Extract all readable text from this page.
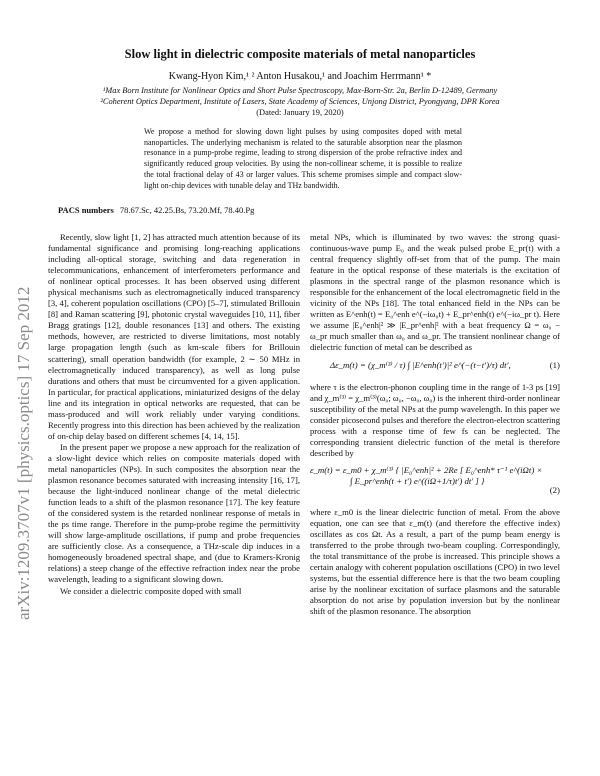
Slow light in dielectric composite materials of metal nanoparticles
Kwang-Hyon Kim,¹ ² Anton Husakou,¹ and Joachim Herrmann¹ *
¹Max Born Institute for Nonlinear Optics and Short Pulse Spectroscopy, Max-Born-Str. 2a, Berlin D-12489, Germany
²Coherent Optics Department, Institute of Lasers, State Academy of Sciences, Unjong District, Pyongyang, DPR Korea
(Dated: January 19, 2020)
We propose a method for slowing down light pulses by using composites doped with metal nanoparticles. The underlying mechanism is related to the saturable absorption near the plasmon resonance in a pump-probe regime, leading to strong dispersion of the probe refractive index and significantly reduced group velocities. By using the non-collinear scheme, it is possible to realize the total fractional delay of 43 or larger values. This scheme promises simple and compact slow-light on-chip devices with tunable delay and THz bandwidth.
PACS numbers 78.67.Sc, 42.25.Bs, 73.20.Mf, 78.40.Pg
arXiv:1209.3707v1 [physics.optics] 17 Sep 2012

Recently, slow light [1, 2] has attracted much attention because of its fundamental significance and promising long-reaching applications including all-optical storage, switching and data regeneration in telecommunications, enhancement of interferometers performance and of nonlinear optical processes. It has been observed using different physical mechanisms such as electromagnetically induced transparency [3, 4], coherent population oscillations (CPO) [5–7], stimulated Brillouin [8] and Raman scattering [9], photonic crystal waveguides [10, 11], fiber Bragg gratings [12], double resonances [13] and others. The existing methods, however, are restricted to diverse limitations, most notably large propagation length (such as km-scale fibers for Brillouin scattering), small operation bandwidth (for example, 2 ∼ 50 MHz in electromagnetically induced transparency), as well as long pulse durations and others that must be circumvented for a given application. In particular, for practical applications, miniaturized designs of the delay line and its integration in optical networks are requested, that can be mass-produced and will work reliably under varying conditions. Recently progress into this direction has been achieved by the realization of on-chip delay based on different schemes [4, 14, 15].

In the present paper we propose a new approach for the realization of a slow-light device which relies on composite materials doped with metal nanoparticles (NPs). In such composites the absorption near the plasmon resonance becomes saturated with increasing intensity [16, 17], because the light-induced nonlinear change of the metal dielectric function leads to a shift of the plasmon resonance [17]. The key feature of the considered system is the retarded nonlinear response of metals in the ps time range. Therefore in the pump-probe regime the permittivity will show large-amplitude oscillations, if pump and probe frequencies are sufficiently close. As a consequence, a THz-scale dip induces in a homogeneously broadened spectral shape, and (due to Kramers-Kronig relations) a steep change of the effective refraction index near the probe wavelength, leading to a significant slowing down.

We consider a dielectric composite doped with small

metal NPs, which is illuminated by two waves: the strong quasi-continuous-wave pump E₀ and the weak pulsed probe E_pr(t) with a central frequency slightly off-set from that of the pump. The main feature in the optical response of these materials is the excitation of plasmons in the spectral range of the plasmon resonance which is responsible for the enhancement of the local electromagnetic field in the vicinity of the NPs [18]. The total enhanced field in the NPs can be written as E^enh(t) = E₀^enh e^(−iω₀t) + E_pr^enh(t) e^(−iω_pr t). Here we assume |E₀^enh|² ≫ |E_pr^enh|² with a beat frequency Ω = ω₀ − ω_pr much smaller than ω₀ and ω_pr. The transient nonlinear change of dielectric function of metal can be described as

Δε_m(t) = (χ_m⁽³⁾ / τ) ∫ |E^enh(t′)|² e^(−(t−t′)/τ) dt′,	(1)

where τ is the electron-phonon coupling time in the range of 1-3 ps [19] and χ_m⁽³⁾ = χ_m⁽³⁾(ω₀; ω₀, −ω₀, ω₀) is the inherent third-order nonlinear susceptibility of the metal NPs at the pump wavelength. In this paper we consider picosecond pulses and therefore the electron-electron scattering process with a response time of few fs can be neglected. The corresponding transient dielectric function of the metal is therefore described by

ε_m(t) = ε_m0 + χ_m⁽³⁾ { |E₀^enh|² + 2Re [ E₀^enh* τ⁻¹ e^(iΩt) ×
∫ E_pr^enh(t + t′) e^((iΩ+1/τ)t′) dt′ ] }
(2)

where ε_m0 is the linear dielectric function of metal. From the above equation, one can see that ε_m(t) (and therefore the effective index) oscillates as cos Ωt. As a result, a part of the pump beam energy is transferred to the probe through two-beam coupling. Correspondingly, the total transmittance of the probe is increased. This principle shows a certain analogy with coherent population oscillations (CPO) in two level systems, but the essential difference here is that the two beam coupling arise by the nonlinear excitation of surface plasmons and the saturable absorption do not arise by population inversion but by the nonlinear shift of the plasmon resonance. The absorption
